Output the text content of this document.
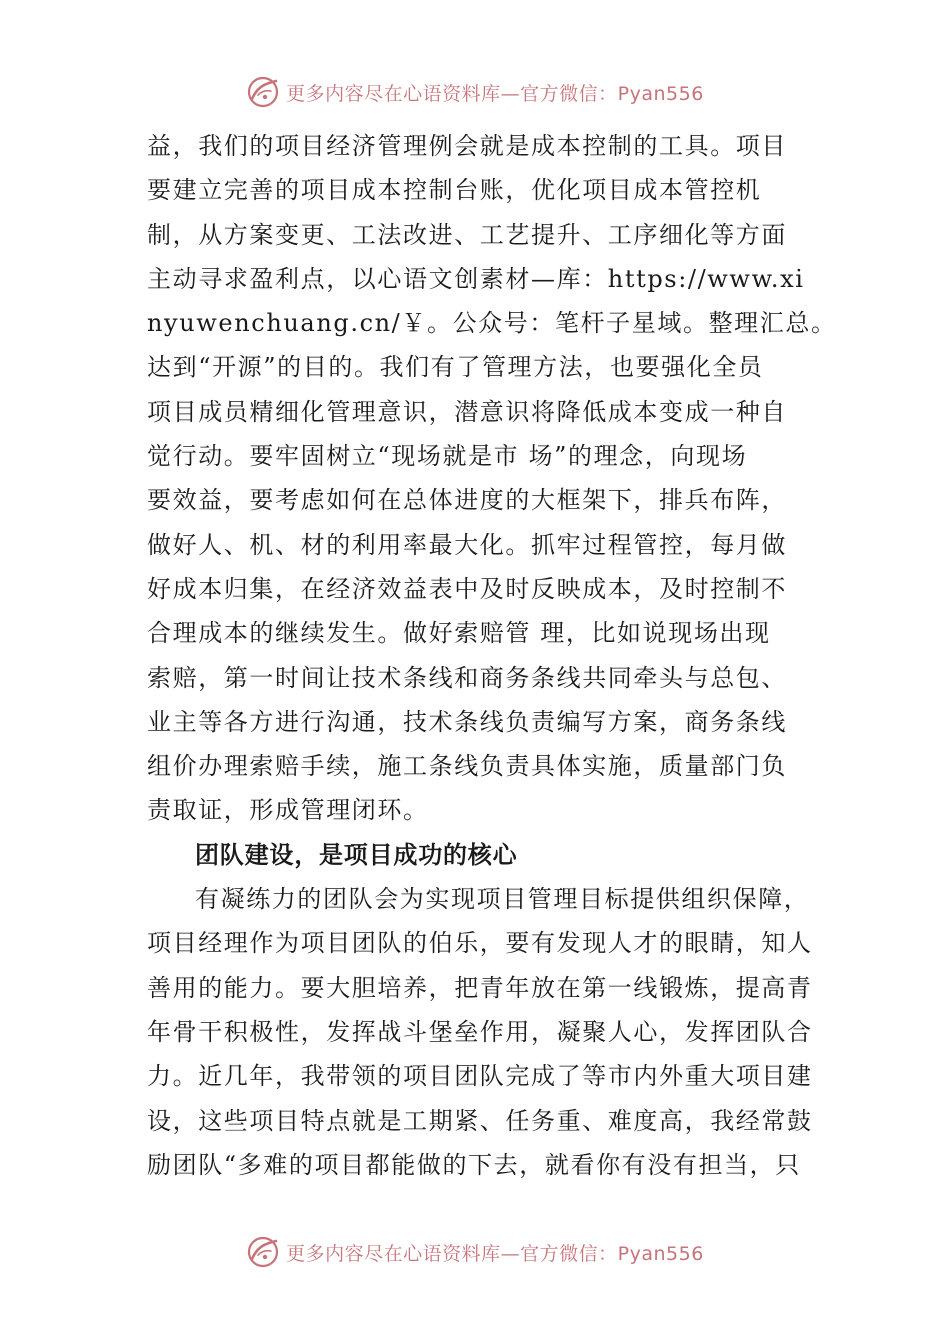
更多内容尽在心语资料库—官方微信：Pyan556
益，我们的项目经济管理例会就是成本控制的工具。项目
要建立完善的项目成本控制台账，优化项目成本管控机
制，从方案变更、工法改进、工艺提升、工序细化等方面
主动寻求盈利点，以心语文创素材—库：https://www.xi
nyuwenchuang.cn/￥。公众号：笔杆子星域。整理汇总。
达到“开源”的目的。我们有了管理方法，也要强化全员
项目成员精细化管理意识，潜意识将降低成本变成一种自
觉行动。要牢固树立“现场就是市 场”的理念，向现场
要效益，要考虑如何在总体进度的大框架下，排兵布阵，
做好人、机、材的利用率最大化。抓牢过程管控，每月做
好成本归集，在经济效益表中及时反映成本，及时控制不
合理成本的继续发生。做好索赔管 理，比如说现场出现
索赔，第一时间让技术条线和商务条线共同牵头与总包、
业主等各方进行沟通，技术条线负责编写方案，商务条线
组价办理索赔手续，施工条线负责具体实施，质量部门负
责取证，形成管理闭环。
团队建设，是项目成功的核心
有凝练力的团队会为实现项目管理目标提供组织保障，
项目经理作为项目团队的伯乐，要有发现人才的眼睛，知人
善用的能力。要大胆培养，把青年放在第一线锻炼，提高青
年骨干积极性，发挥战斗堡垒作用，凝聚人心，发挥团队合
力。近几年，我带领的项目团队完成了等市内外重大项目建
设，这些项目特点就是工期紧、任务重、难度高，我经常鼓
励团队“多难的项目都能做的下去，就看你有没有担当，只
更多内容尽在心语资料库—官方微信：Pyan556
